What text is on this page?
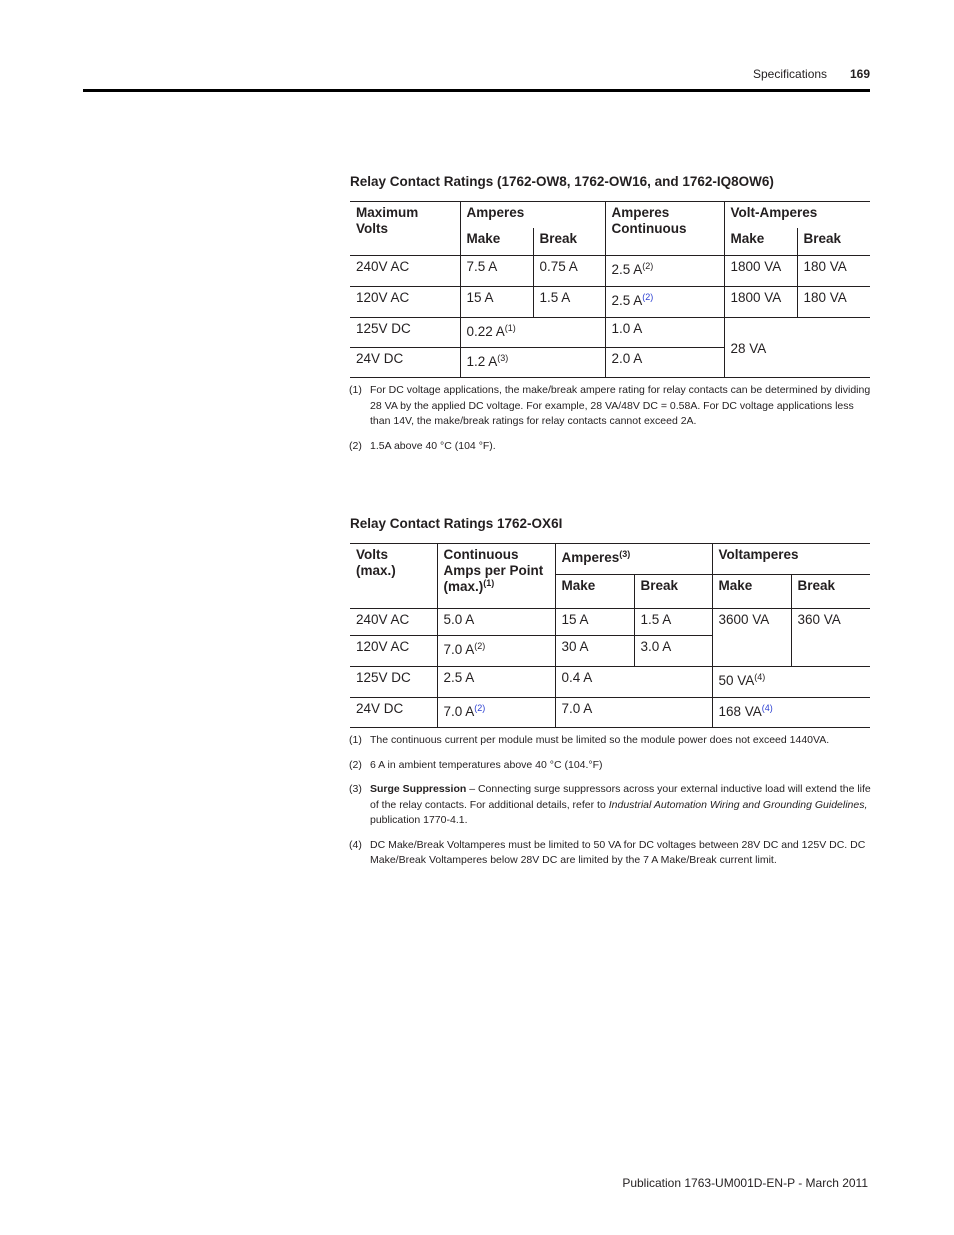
Specifications 169
Relay Contact Ratings (1762-OW8, 1762-OW16, and 1762-IQ8OW6)
Maximum Volts	Amperes		Amperes Continuous	Volt-Amperes	
	Make	Break		Make	Break
240V AC	7.5 A	0.75 A	2.5 $A^{(2)}$	1800 VA	180 VA
120V AC	15 A	1.5 A	2.5 A$^{(2)}$	1800 VA	180 VA
125V DC	0.22 $A^{(1)}$		1.0 A	28 VA	
24V DC	1.2 $A^{(3)}$		2.0 A		
(1) For DC voltage applications, the make/break ampere rating for relay contacts can be determined by dividing 28 VA by the applied DC voltage. For example, 28 VA/48V DC = 0.58A. For DC voltage applications less than 14V, the make/break ratings for relay contacts cannot exceed 2A.
(2) 1.5A above 40 °C (104 °F).
Relay Contact Ratings 1762-OX6I
Volts (max.)	Continuous Amps per Point $(\max.)^{(1)}$	Amperes$^{(3)}$		Voltamperes	
		Make	Break	Make	Break
240V AC	5.0 A	15 A	1.5 A	3600 VA	360 VA
120V AC	7.0 $A^{(2)}$	30 A	3.0 A		
125V DC	2.5 A	0.4 A		50 VA$^{(4)}$
24V DC	7.0 A$^{(2)}$	7.0 A		168 VA$^{(4)}$
(1) The continuous current per module must be limited so the module power does not exceed 1440VA.
(2) 6 A in ambient temperatures above 40 °C (104.°F)
(3) Surge Suppression – Connecting surge suppressors across your external inductive load will extend the life of the relay contacts. For additional details, refer to Industrial Automation Wiring and Grounding Guidelines, publication 1770-4.1.
(4) DC Make/Break Voltamperes must be limited to 50 VA for DC voltages between 28V DC and 125V DC. DC Make/Break Voltamperes below 28V DC are limited by the 7 A Make/Break current limit.
Publication 1763-UM001D-EN-P - March 2011
